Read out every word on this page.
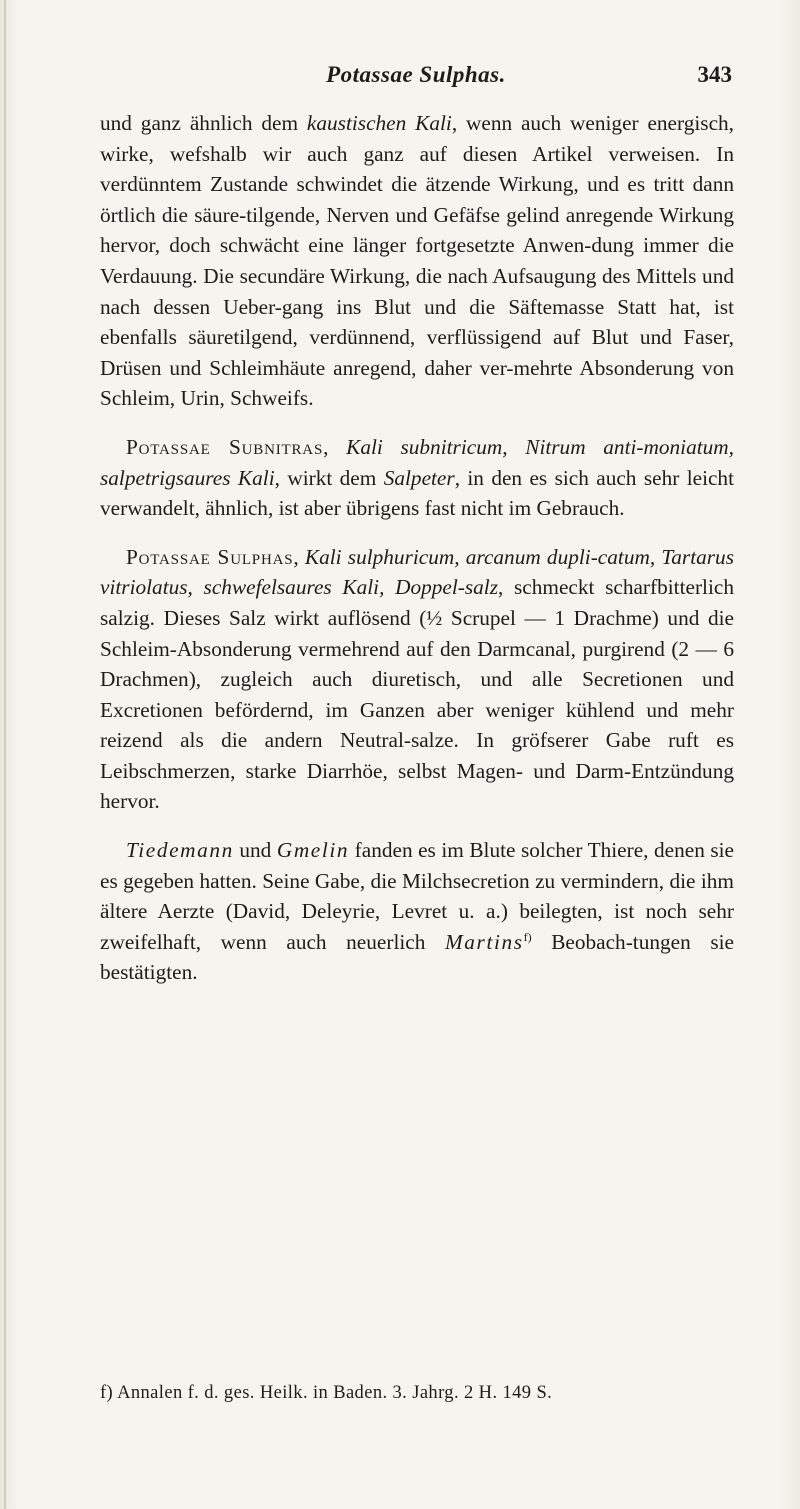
Potassae Sulphas.	343

und ganz ähnlich dem kaustischen Kali, wenn auch weniger energisch, wirke, wefshalb wir auch ganz auf diesen Artikel verweisen. In verdünntem Zustande schwindet die ätzende Wirkung, und es tritt dann örtlich die säure-tilgende, Nerven und Gefäfse gelind anregende Wirkung hervor, doch schwächt eine länger fortgesetzte Anwen-dung immer die Verdauung. Die secundäre Wirkung, die nach Aufsaugung des Mittels und nach dessen Ueber-gang ins Blut und die Säftemasse Statt hat, ist ebenfalls säuretilgend, verdünnend, verflüssigend auf Blut und Faser, Drüsen und Schleimhäute anregend, daher ver-mehrte Absonderung von Schleim, Urin, Schweifs.

Potassae Subnitras, Kali subnitricum, Nitrum anti-moniatum, salpetrigsaures Kali, wirkt dem Salpeter, in den es sich auch sehr leicht verwandelt, ähnlich, ist aber übrigens fast nicht im Gebrauch.

Potassae Sulphas, Kali sulphuricum, arcanum dupli-catum, Tartarus vitriolatus, schwefelsaures Kali, Doppel-salz, schmeckt scharfbitterlich salzig. Dieses Salz wirkt auflösend (½ Scrupel — 1 Drachme) und die Schleim-Absonderung vermehrend auf den Darmcanal, purgirend (2 — 6 Drachmen), zugleich auch diuretisch, und alle Secretionen und Excretionen befördernd, im Ganzen aber weniger kühlend und mehr reizend als die andern Neutral-salze. In gröfserer Gabe ruft es Leibschmerzen, starke Diarrhöe, selbst Magen- und Darm-Entzündung hervor.

Tiedemann und Gmelin fanden es im Blute solcher Thiere, denen sie es gegeben hatten. Seine Gabe, die Milchsecretion zu vermindern, die ihm ältere Aerzte (David, Deleyrie, Levret u. a.) beilegten, ist noch sehr zweifelhaft, wenn auch neuerlich Martins$^{f)}$ Beobach-tungen sie bestätigten.

f) Annalen f. d. ges. Heilk. in Baden. 3. Jahrg. 2 H. 149 S.
